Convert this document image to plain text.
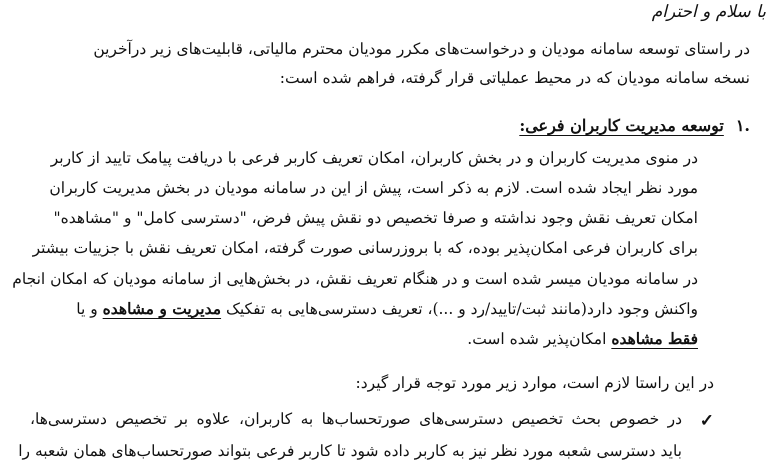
با سلام و احترام
در راستای توسعه سامانه مودیان و درخواست‌های مکرر مودیان محترم مالیاتی، قابلیت‌های زیر درآخرین
نسخه سامانه مودیان که در محیط عملیاتی قرار گرفته، فراهم شده است:
.۱
توسعه مدیریت کاربران فرعی:
در منوی مدیریت کاربران و در بخش کاربران، امکان تعریف کاربر فرعی با دریافت پیامک تایید از کاربر
مورد نظر ایجاد شده است. لازم به ذکر است، پیش از این در سامانه مودیان در بخش مدیریت کاربران
امکان تعریف نقش وجود نداشته و صرفا تخصیص دو نقش پیش فرض، "دسترسی کامل" و "مشاهده"
برای کاربران فرعی امکان‌پذیر بوده، که با بروزرسانی صورت گرفته، امکان تعریف نقش با جزییات بیشتر
در سامانه مودیان میسر شده است و در هنگام تعریف نقش، در بخش‌هایی از سامانه مودیان که امکان انجام
واکنش وجود دارد(مانند ثبت/تایید/رد و ...)، تعریف دسترسی‌هایی به تفکیک مدیریت و مشاهده و یا
فقط مشاهده امکان‌پذیر شده است.
در این راستا لازم است، موارد زیر مورد توجه قرار گیرد:
✓
در خصوص بحث تخصیص دسترسی‌های صورتحساب‌ها به کاربران، علاوه بر تخصیص دسترسی‌ها،
باید دسترسی شعبه مورد نظر نیز به کاربر داده شود تا کاربر فرعی بتواند صورتحساب‌های همان شعبه را
